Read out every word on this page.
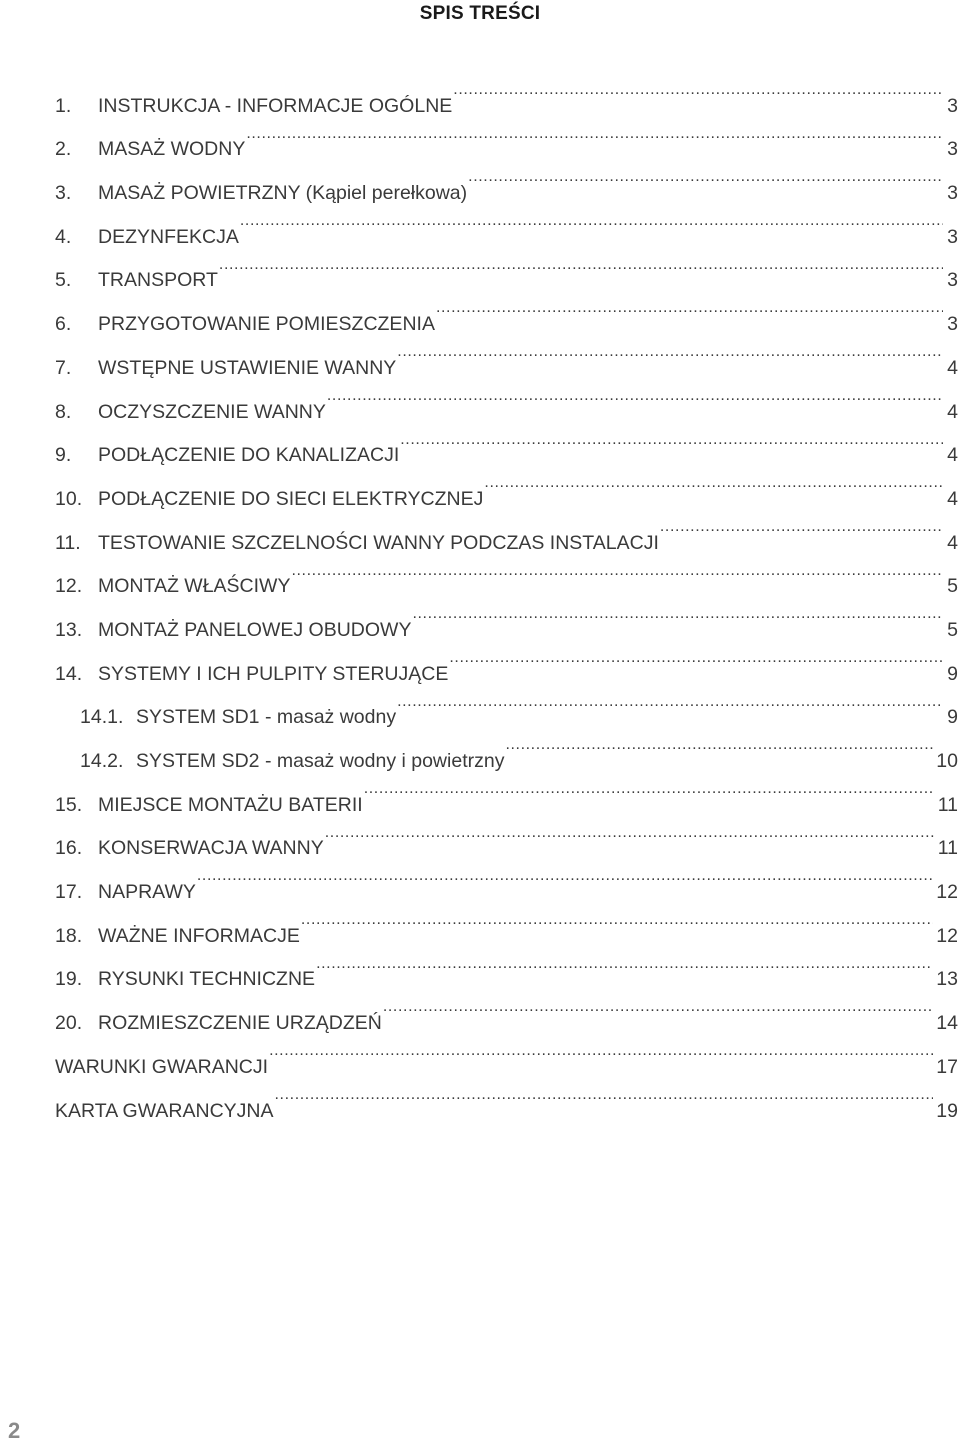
SPIS TREŚCI
1.	INSTRUKCJA - INFORMACJE OGÓLNE .....	3
2.	MASAŻ WODNY .....	3
3.	MASAŻ POWIETRZNY (Kąpiel perełkowa) .....	3
4.	DEZYNFEKCJA .....	3
5.	TRANSPORT .....	3
6.	PRZYGOTOWANIE POMIESZCZENIA .....	3
7.	WSTĘPNE USTAWIENIE WANNY .....	4
8.	OCZYSZCZENIE WANNY .....	4
9.	PODŁĄCZENIE DO KANALIZACJI .....	4
10. PODŁĄCZENIE DO SIECI ELEKTRYCZNEJ .....	4
11. TESTOWANIE SZCZELNOŚCI WANNY PODCZAS INSTALACJI .....	4
12. MONTAŻ WŁAŚCIWY .....	5
13. MONTAŻ PANELOWEJ OBUDOWY .....	5
14. SYSTEMY I ICH PULPITY STERUJĄCE .....	9
14.1. SYSTEM SD1 - masaż wodny .....	9
14.2. SYSTEM SD2 - masaż wodny i powietrzny .....	10
15. MIEJSCE MONTAŻU BATERII .....	11
16. KONSERWACJA WANNY .....	11
17. NAPRAWY .....	12
18. WAŻNE INFORMACJE .....	12
19. RYSUNKI TECHNICZNE .....	13
20. ROZMIESZCZENIE URZĄDZEŃ .....	14
WARUNKI GWARANCJI .....	17
KARTA GWARANCYJNA .....	19
2
